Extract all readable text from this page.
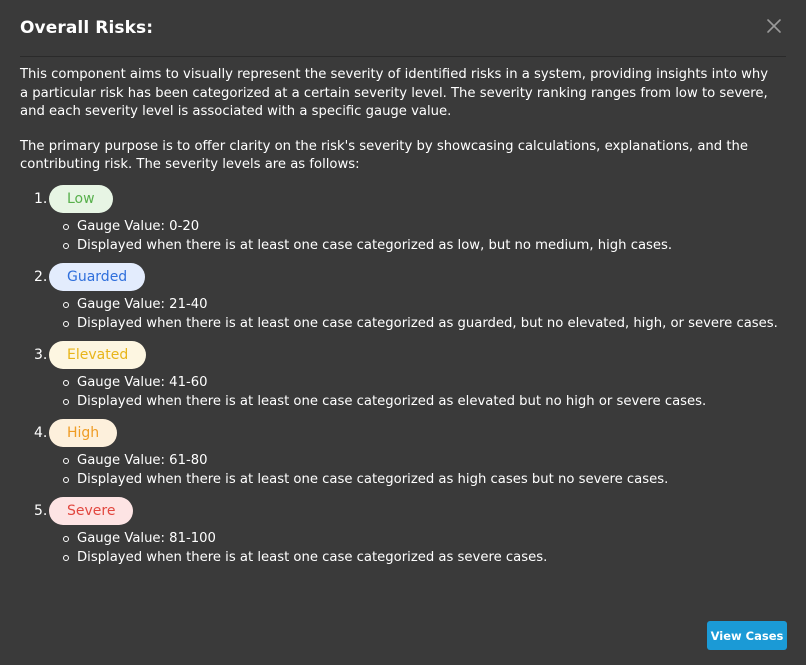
Overall Risks:

This component aims to visually represent the severity of identified risks in a system, providing insights into why a particular risk has been categorized at a certain severity level. The severity ranking ranges from low to severe, and each severity level is associated with a specific gauge value.

The primary purpose is to offer clarity on the risk's severity by showcasing calculations, explanations, and the contributing risk. The severity levels are as follows:

1. Low
Gauge Value: 0-20
Displayed when there is at least one case categorized as low, but no medium, high cases.
2. Guarded
Gauge Value: 21-40
Displayed when there is at least one case categorized as guarded, but no elevated, high, or severe cases.
3. Elevated
Gauge Value: 41-60
Displayed when there is at least one case categorized as elevated but no high or severe cases.
4. High
Gauge Value: 61-80
Displayed when there is at least one case categorized as high cases but no severe cases.
5. Severe
Gauge Value: 81-100
Displayed when there is at least one case categorized as severe cases.
View Cases
